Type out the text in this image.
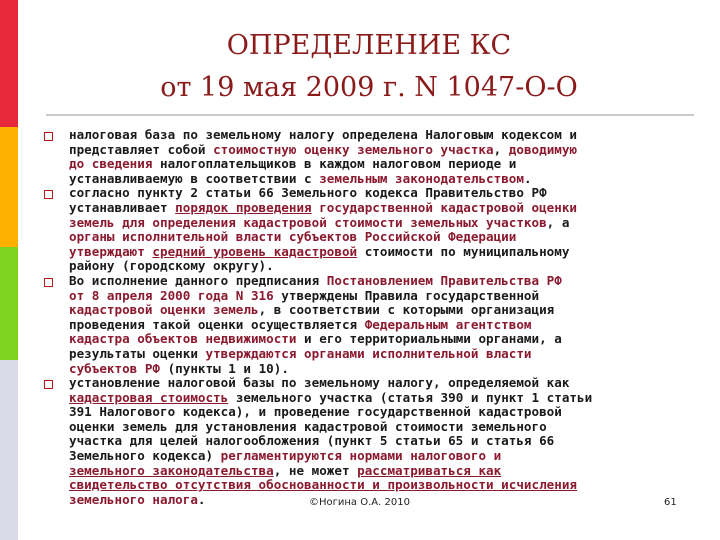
ОПРЕДЕЛЕНИЕ КС
от 19 мая 2009 г. N 1047-О-О
налоговая база по земельному налогу определена Налоговым кодексом и
представляет собой стоимостную оценку земельного участка, доводимую
до сведения налогоплательщиков в каждом налоговом периоде и
устанавливаемую в соответствии с земельным законодательством.
согласно пункту 2 статьи 66 Земельного кодекса Правительство РФ
устанавливает порядок проведения государственной кадастровой оценки
земель для определения кадастровой стоимости земельных участков, а
органы исполнительной власти субъектов Российской Федерации
утверждают средний уровень кадастровой стоимости по муниципальному
району (городскому округу).
Во исполнение данного предписания Постановлением Правительства РФ
от 8 апреля 2000 года N 316 утверждены Правила государственной
кадастровой оценки земель, в соответствии с которыми организация
проведения такой оценки осуществляется Федеральным агентством
кадастра объектов недвижимости и его территориальными органами, а
результаты оценки утверждаются органами исполнительной власти
субъектов РФ (пункты 1 и 10).
установление налоговой базы по земельному налогу, определяемой как
кадастровая стоимость земельного участка (статья 390 и пункт 1 статьи
391 Налогового кодекса), и проведение государственной кадастровой
оценки земель для установления кадастровой стоимости земельного
участка для целей налогообложения (пункт 5 статьи 65 и статья 66
Земельного кодекса) регламентируются нормами налогового и
земельного законодательства, не может рассматриваться как
свидетельство отсутствия обоснованности и произвольности исчисления
земельного налога.	©Ногина О.А. 2010	61
